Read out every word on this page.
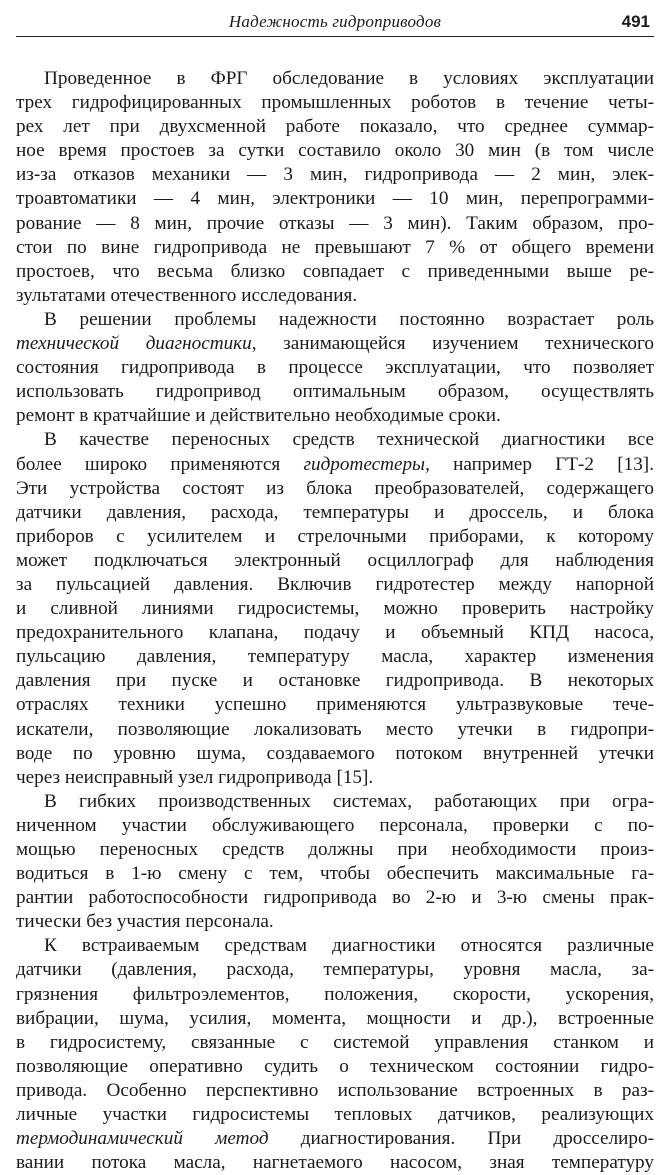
Надежность гидроприводов	491
Проведенное в ФРГ обследование в условиях эксплуатации
трех гидрофицированных промышленных роботов в течение четы-
рех лет при двухсменной работе показало, что среднее суммар-
ное время простоев за сутки составило около 30 мин (в том числе
из-за отказов механики — 3 мин, гидропривода — 2 мин, элек-
троавтоматики — 4 мин, электроники — 10 мин, перепрограмми-
рование — 8 мин, прочие отказы — 3 мин). Таким образом, про-
стои по вине гидропривода не превышают 7 % от общего времени
простоев, что весьма близко совпадает с приведенными выше ре-
зультатами отечественного исследования.
В решении проблемы надежности постоянно возрастает роль
технической диагностики, занимающейся изучением технического
состояния гидропривода в процессе эксплуатации, что позволяет
использовать гидропривод оптимальным образом, осуществлять
ремонт в кратчайшие и действительно необходимые сроки.
В качестве переносных средств технической диагностики все
более широко применяются гидротестеры, например ГТ-2 [13].
Эти устройства состоят из блока преобразователей, содержащего
датчики давления, расхода, температуры и дроссель, и блока
приборов с усилителем и стрелочными приборами, к которому
может подключаться электронный осциллограф для наблюдения
за пульсацией давления. Включив гидротестер между напорной
и сливной линиями гидросистемы, можно проверить настройку
предохранительного клапана, подачу и объемный КПД насоса,
пульсацию давления, температуру масла, характер изменения
давления при пуске и остановке гидропривода. В некоторых
отраслях техники успешно применяются ультразвуковые тече-
искатели, позволяющие локализовать место утечки в гидропри-
воде по уровню шума, создаваемого потоком внутренней утечки
через неисправный узел гидропривода [15].
В гибких производственных системах, работающих при огра-
ниченном участии обслуживающего персонала, проверки с по-
мощью переносных средств должны при необходимости произ-
водиться в 1-ю смену с тем, чтобы обеспечить максимальные га-
рантии работоспособности гидропривода во 2-ю и 3-ю смены прак-
тически без участия персонала.
К встраиваемым средствам диагностики относятся различные
датчики (давления, расхода, температуры, уровня масла, за-
грязнения фильтроэлементов, положения, скорости, ускорения,
вибрации, шума, усилия, момента, мощности и др.), встроенные
в гидросистему, связанные с системой управления станком и
позволяющие оперативно судить о техническом состоянии гидро-
привода. Особенно перспективно использование встроенных в раз-
личные участки гидросистемы тепловых датчиков, реализующих
термодинамический метод диагностирования. При дросселиро-
вании потока масла, нагнетаемого насосом, зная температуру
